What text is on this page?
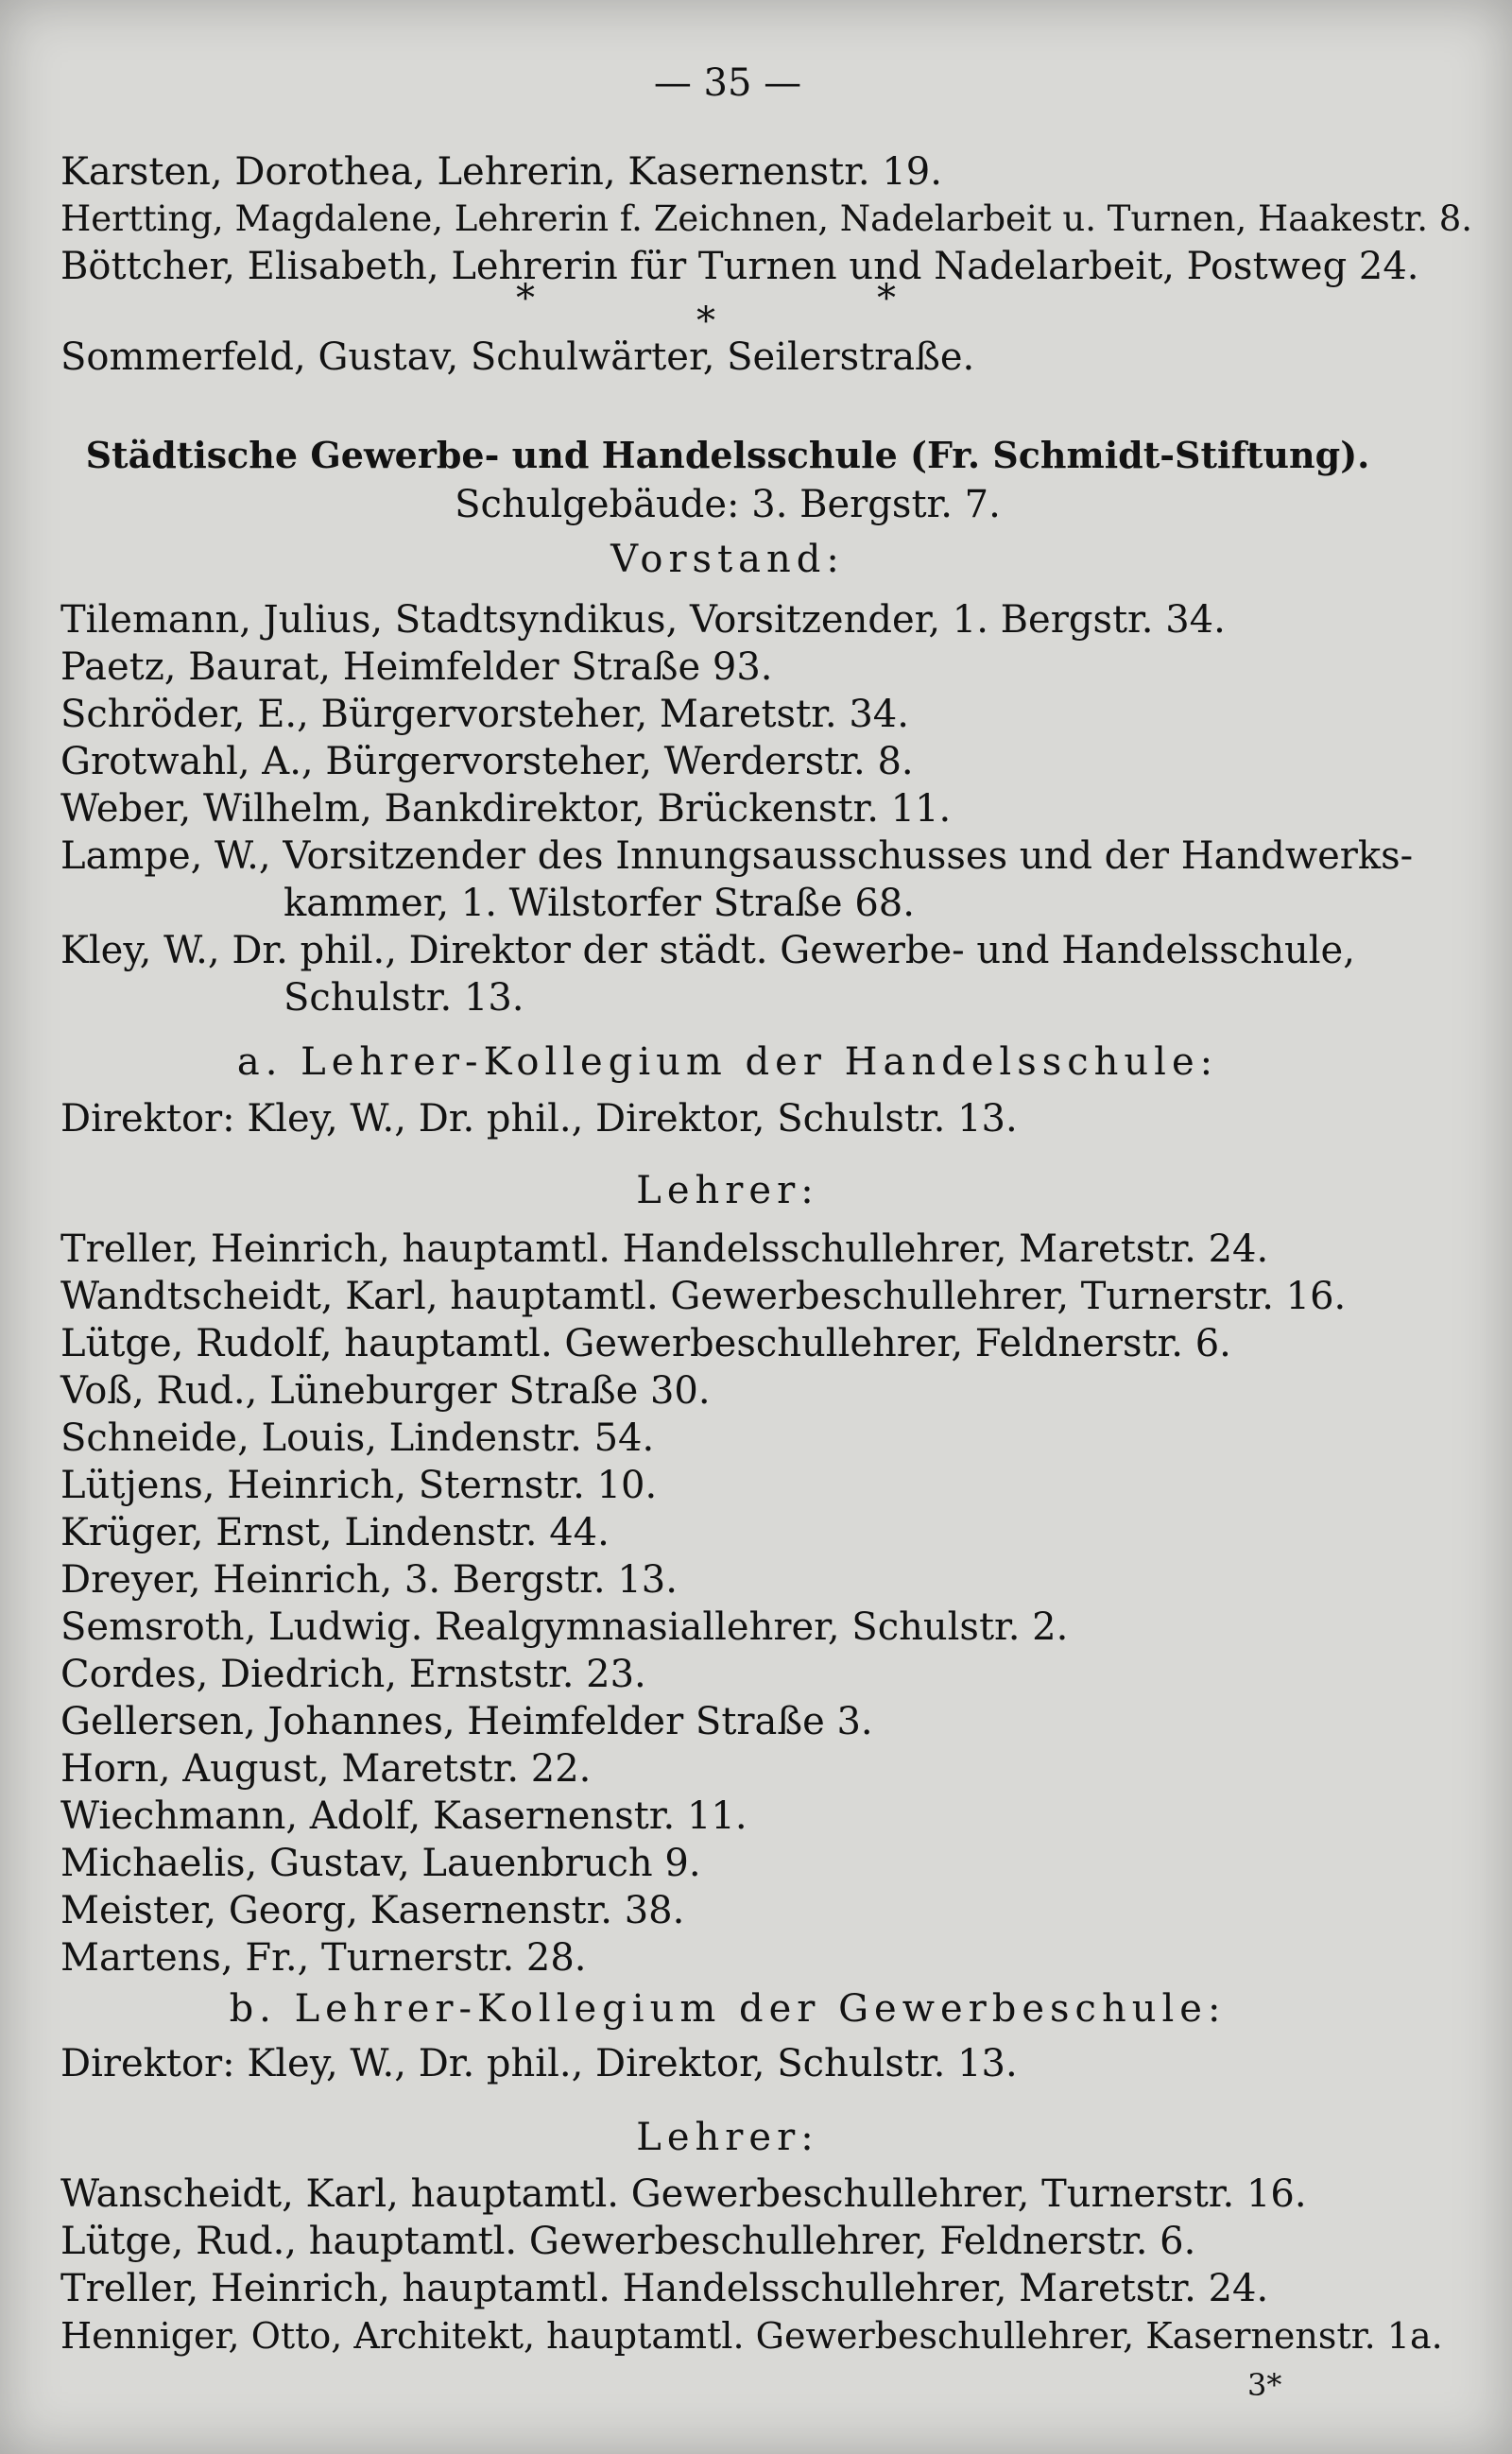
— 35 —
Karsten, Dorothea, Lehrerin, Kasernenstr. 19.
Hertting, Magdalene, Lehrerin f. Zeichnen, Nadelarbeit u. Turnen, Haakestr. 8.
Böttcher, Elisabeth, Lehrerin für Turnen und Nadelarbeit, Postweg 24.
*
*
*
Sommerfeld, Gustav, Schulwärter, Seilerstraße.
Städtische Gewerbe- und Handelsschule (Fr. Schmidt-Stiftung).
Schulgebäude: 3. Bergstr. 7.
Vorstand:
Tilemann, Julius, Stadtsyndikus, Vorsitzender, 1. Bergstr. 34.
Paetz, Baurat, Heimfelder Straße 93.
Schröder, E., Bürgervorsteher, Maretstr. 34.
Grotwahl, A., Bürgervorsteher, Werderstr. 8.
Weber, Wilhelm, Bankdirektor, Brückenstr. 11.
Lampe, W., Vorsitzender des Innungsausschusses und der Handwerks-
kammer, 1. Wilstorfer Straße 68.
Kley, W., Dr. phil., Direktor der städt. Gewerbe- und Handelsschule,
Schulstr. 13.
a. Lehrer-Kollegium der Handelsschule:
Direktor: Kley, W., Dr. phil., Direktor, Schulstr. 13.
Lehrer:
Treller, Heinrich, hauptamtl. Handelsschullehrer, Maretstr. 24.
Wandtscheidt, Karl, hauptamtl. Gewerbeschullehrer, Turnerstr. 16.
Lütge, Rudolf, hauptamtl. Gewerbeschullehrer, Feldnerstr. 6.
Voß, Rud., Lüneburger Straße 30.
Schneide, Louis, Lindenstr. 54.
Lütjens, Heinrich, Sternstr. 10.
Krüger, Ernst, Lindenstr. 44.
Dreyer, Heinrich, 3. Bergstr. 13.
Semsroth, Ludwig. Realgymnasiallehrer, Schulstr. 2.
Cordes, Diedrich, Ernststr. 23.
Gellersen, Johannes, Heimfelder Straße 3.
Horn, August, Maretstr. 22.
Wiechmann, Adolf, Kasernenstr. 11.
Michaelis, Gustav, Lauenbruch 9.
Meister, Georg, Kasernenstr. 38.
Martens, Fr., Turnerstr. 28.
b. Lehrer-Kollegium der Gewerbeschule:
Direktor: Kley, W., Dr. phil., Direktor, Schulstr. 13.
Lehrer:
Wanscheidt, Karl, hauptamtl. Gewerbeschullehrer, Turnerstr. 16.
Lütge, Rud., hauptamtl. Gewerbeschullehrer, Feldnerstr. 6.
Treller, Heinrich, hauptamtl. Handelsschullehrer, Maretstr. 24.
Henniger, Otto, Architekt, hauptamtl. Gewerbeschullehrer, Kasernenstr. 1a.
3*
